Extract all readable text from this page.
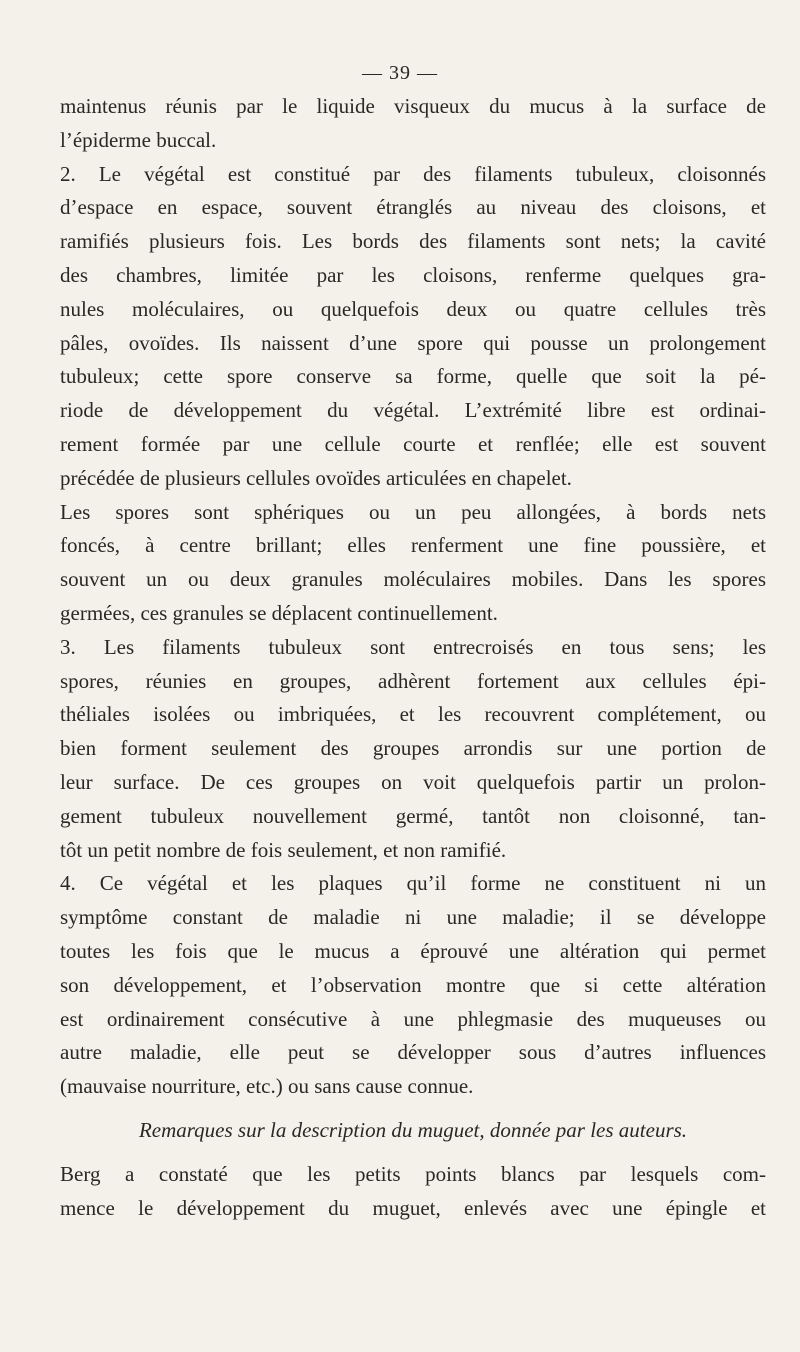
— 39 —
maintenus réunis par le liquide visqueux du mucus à la surface de
l’épiderme buccal.
2. Le végétal est constitué par des filaments tubuleux, cloisonnés
d’espace en espace, souvent étranglés au niveau des cloisons, et
ramifiés plusieurs fois. Les bords des filaments sont nets; la cavité
des chambres, limitée par les cloisons, renferme quelques gra-
nules moléculaires, ou quelquefois deux ou quatre cellules très
pâles, ovoïdes. Ils naissent d’une spore qui pousse un prolongement
tubuleux; cette spore conserve sa forme, quelle que soit la pé-
riode de développement du végétal. L’extrémité libre est ordinai-
rement formée par une cellule courte et renflée; elle est souvent
précédée de plusieurs cellules ovoïdes articulées en chapelet.
Les spores sont sphériques ou un peu allongées, à bords nets
foncés, à centre brillant; elles renferment une fine poussière, et
souvent un ou deux granules moléculaires mobiles. Dans les spores
germées, ces granules se déplacent continuellement.
3. Les filaments tubuleux sont entrecroisés en tous sens; les
spores, réunies en groupes, adhèrent fortement aux cellules épi-
théliales isolées ou imbriquées, et les recouvrent complétement, ou
bien forment seulement des groupes arrondis sur une portion de
leur surface. De ces groupes on voit quelquefois partir un prolon-
gement tubuleux nouvellement germé, tantôt non cloisonné, tan-
tôt un petit nombre de fois seulement, et non ramifié.
4. Ce végétal et les plaques qu’il forme ne constituent ni un
symptôme constant de maladie ni une maladie; il se développe
toutes les fois que le mucus a éprouvé une altération qui permet
son développement, et l’observation montre que si cette altération
est ordinairement consécutive à une phlegmasie des muqueuses ou
autre maladie, elle peut se développer sous d’autres influences
(mauvaise nourriture, etc.) ou sans cause connue.
Remarques sur la description du muguet, donnée par les auteurs.
Berg a constaté que les petits points blancs par lesquels com-
mence le développement du muguet, enlevés avec une épingle et
